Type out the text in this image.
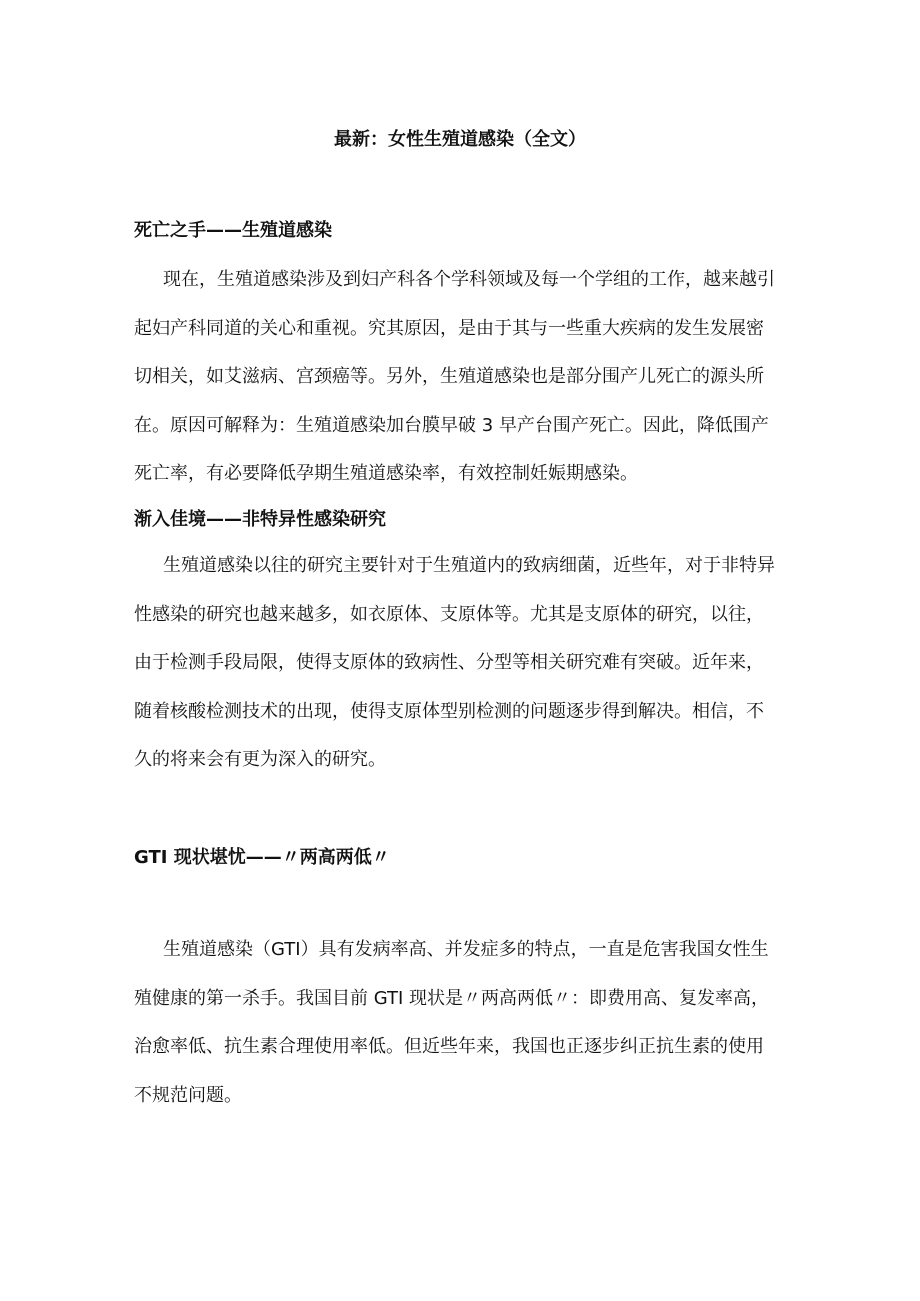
最新：女性生殖道感染（全文）
死亡之手——生殖道感染
现在，生殖道感染涉及到妇产科各个学科领域及每一个学组的工作，越来越引
起妇产科同道的关心和重视。究其原因，是由于其与一些重大疾病的发生发展密
切相关，如艾滋病、宫颈癌等。另外，生殖道感染也是部分围产儿死亡的源头所
在。原因可解释为：生殖道感染加台膜早破 3 早产台围产死亡。因此，降低围产
死亡率，有必要降低孕期生殖道感染率，有效控制妊娠期感染。
渐入佳境——非特异性感染研究
生殖道感染以往的研究主要针对于生殖道内的致病细菌，近些年，对于非特异
性感染的研究也越来越多，如衣原体、支原体等。尤其是支原体的研究，以往，
由于检测手段局限，使得支原体的致病性、分型等相关研究难有突破。近年来，
随着核酸检测技术的出现，使得支原体型别检测的问题逐步得到解决。相信，不
久的将来会有更为深入的研究。
GTI 现状堪忧——〃两高两低〃
生殖道感染（GTI）具有发病率高、并发症多的特点，一直是危害我国女性生
殖健康的第一杀手。我国目前 GTI 现状是〃两高两低〃：即费用高、复发率高，
治愈率低、抗生素合理使用率低。但近些年来，我国也正逐步纠正抗生素的使用
不规范问题。
